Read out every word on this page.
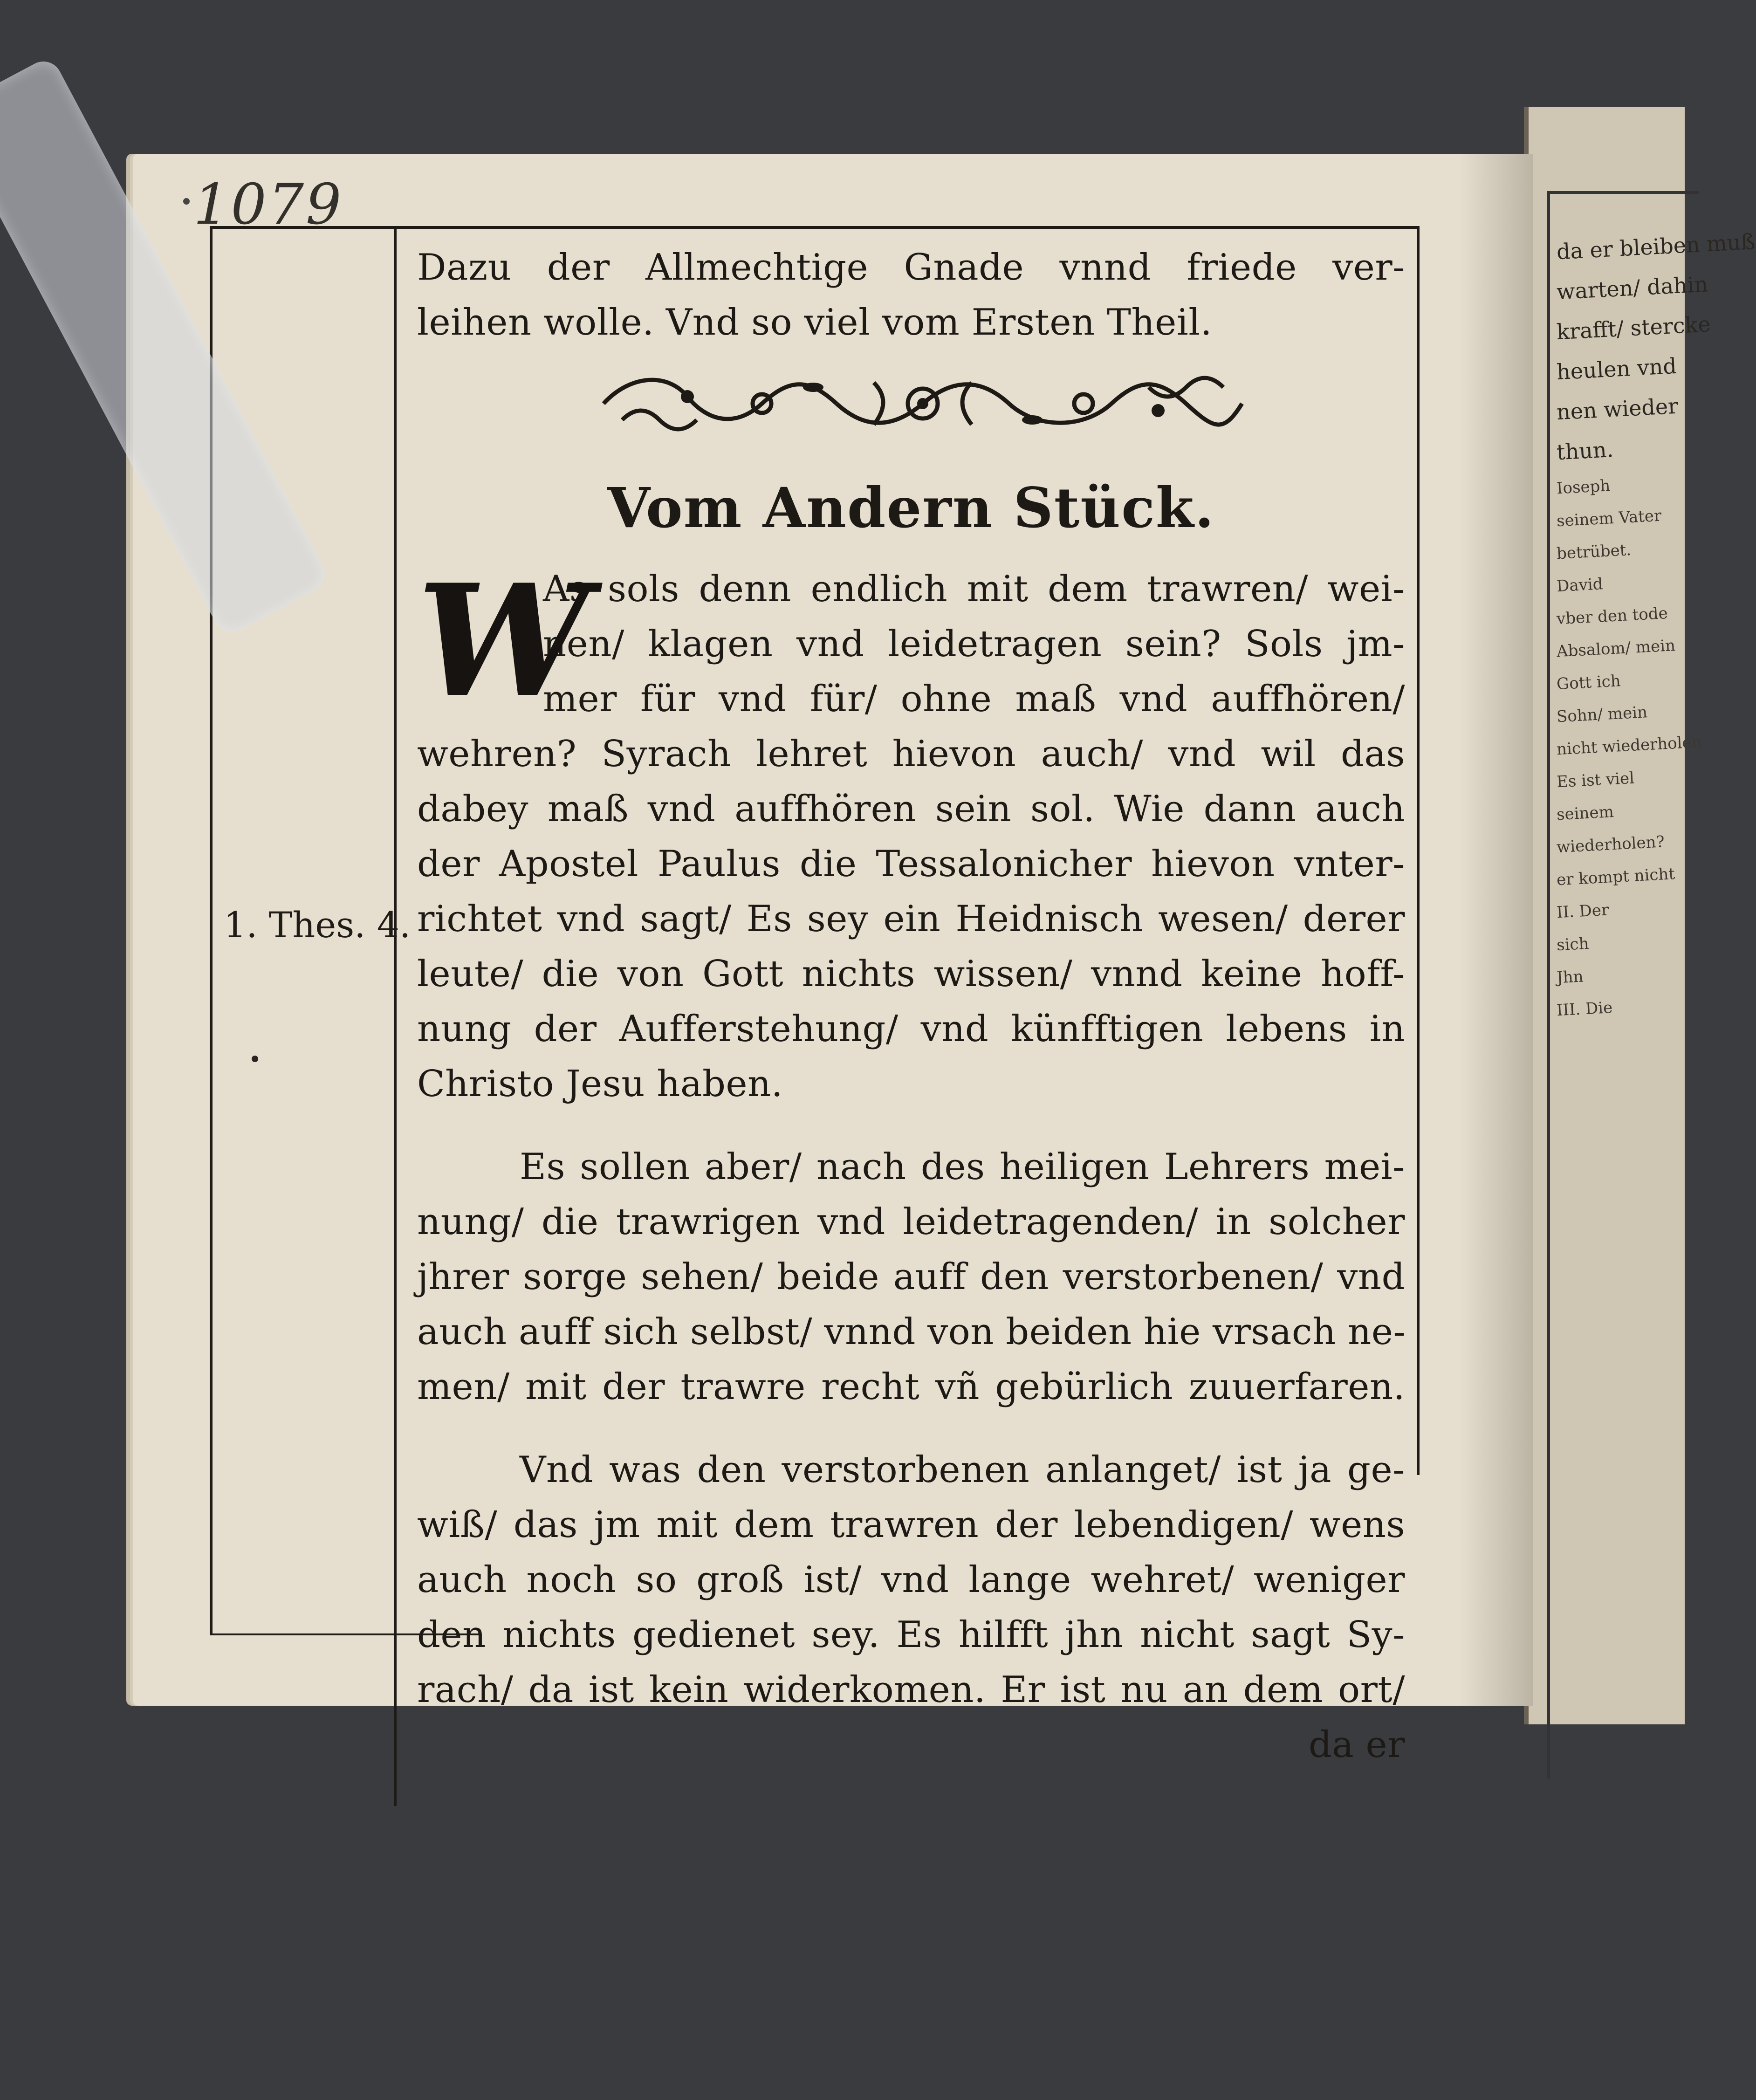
da er bleiben muß
warten/ dahin
krafft/ stercke
heulen vnd
nen wieder
thun.
Ioseph
seinem Vater
betrübet.
David
vber den tode
Absalom/ mein
Gott ich
Sohn/ mein
nicht wiederholen
Es ist viel
seinem
wiederholen?
er kompt nicht
II. Der
sich
Jhn
III. Die
1079
1. Thes. 4.
Dazu der Allmechtige Gnade vnnd friede ver-
leihen wolle. Vnd so viel vom Ersten Theil.
Vom Andern Stück.
W
As sols denn endlich mit dem trawren/ wei-
nen/ klagen vnd leidetragen sein? Sols jm-
mer für vnd für/ ohne maß vnd auffhören/
wehren? Syrach lehret hievon auch/ vnd wil das
dabey maß vnd auffhören sein sol. Wie dann auch
der Apostel Paulus die Tessalonicher hievon vnter-
richtet vnd sagt/ Es sey ein Heidnisch wesen/ derer
leute/ die von Gott nichts wissen/ vnnd keine hoff-
nung der Aufferstehung/ vnd künfftigen lebens in
Christo Jesu haben.
Es sollen aber/ nach des heiligen Lehrers mei-
nung/ die trawrigen vnd leidetragenden/ in solcher
jhrer sorge sehen/ beide auff den verstorbenen/ vnd
auch auff sich selbst/ vnnd von beiden hie vrsach ne-
men/ mit der trawre recht vñ gebürlich zuuerfaren.
Vnd was den verstorbenen anlanget/ ist ja ge-
wiß/ das jm mit dem trawren der lebendigen/ wens
auch noch so groß ist/ vnd lange wehret/ weniger
den nichts gedienet sey. Es hilfft jhn nicht sagt Sy-
rach/ da ist kein widerkomen. Er ist nu an dem ort/
da er
